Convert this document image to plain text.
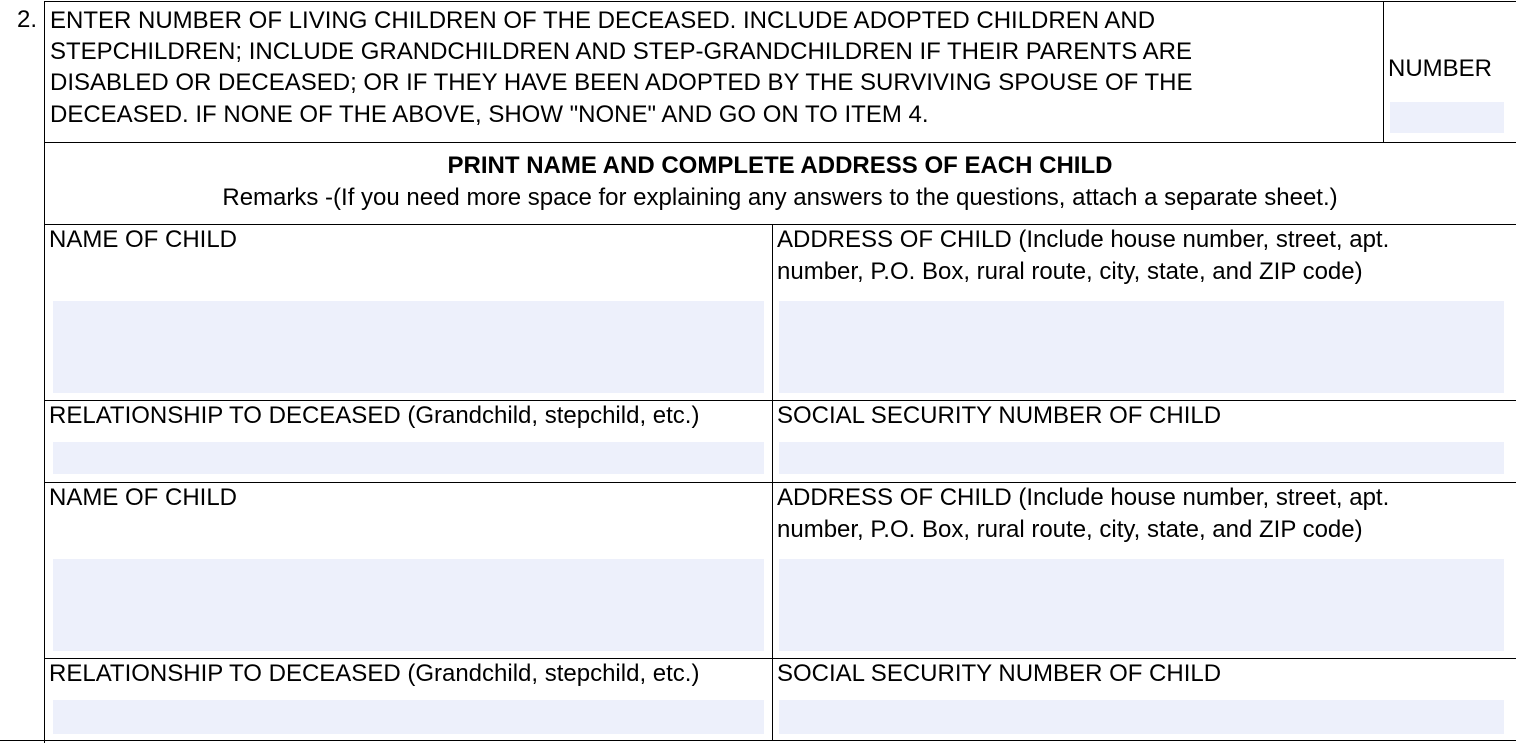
2. ENTER NUMBER OF LIVING CHILDREN OF THE DECEASED. INCLUDE ADOPTED CHILDREN AND
STEPCHILDREN; INCLUDE GRANDCHILDREN AND STEP-GRANDCHILDREN IF THEIR PARENTS ARE
DISABLED OR DECEASED; OR IF THEY HAVE BEEN ADOPTED BY THE SURVIVING SPOUSE OF THE
DECEASED. IF NONE OF THE ABOVE, SHOW "NONE" AND GO ON TO ITEM 4.
NUMBER
PRINT NAME AND COMPLETE ADDRESS OF EACH CHILD
Remarks -(If you need more space for explaining any answers to the questions, attach a separate sheet.)
NAME OF CHILD	ADDRESS OF CHILD (Include house number, street, apt.
number, P.O. Box, rural route, city, state, and ZIP code)
RELATIONSHIP TO DECEASED (Grandchild, stepchild, etc.)	SOCIAL SECURITY NUMBER OF CHILD
NAME OF CHILD	ADDRESS OF CHILD (Include house number, street, apt.
number, P.O. Box, rural route, city, state, and ZIP code)
RELATIONSHIP TO DECEASED (Grandchild, stepchild, etc.)	SOCIAL SECURITY NUMBER OF CHILD
